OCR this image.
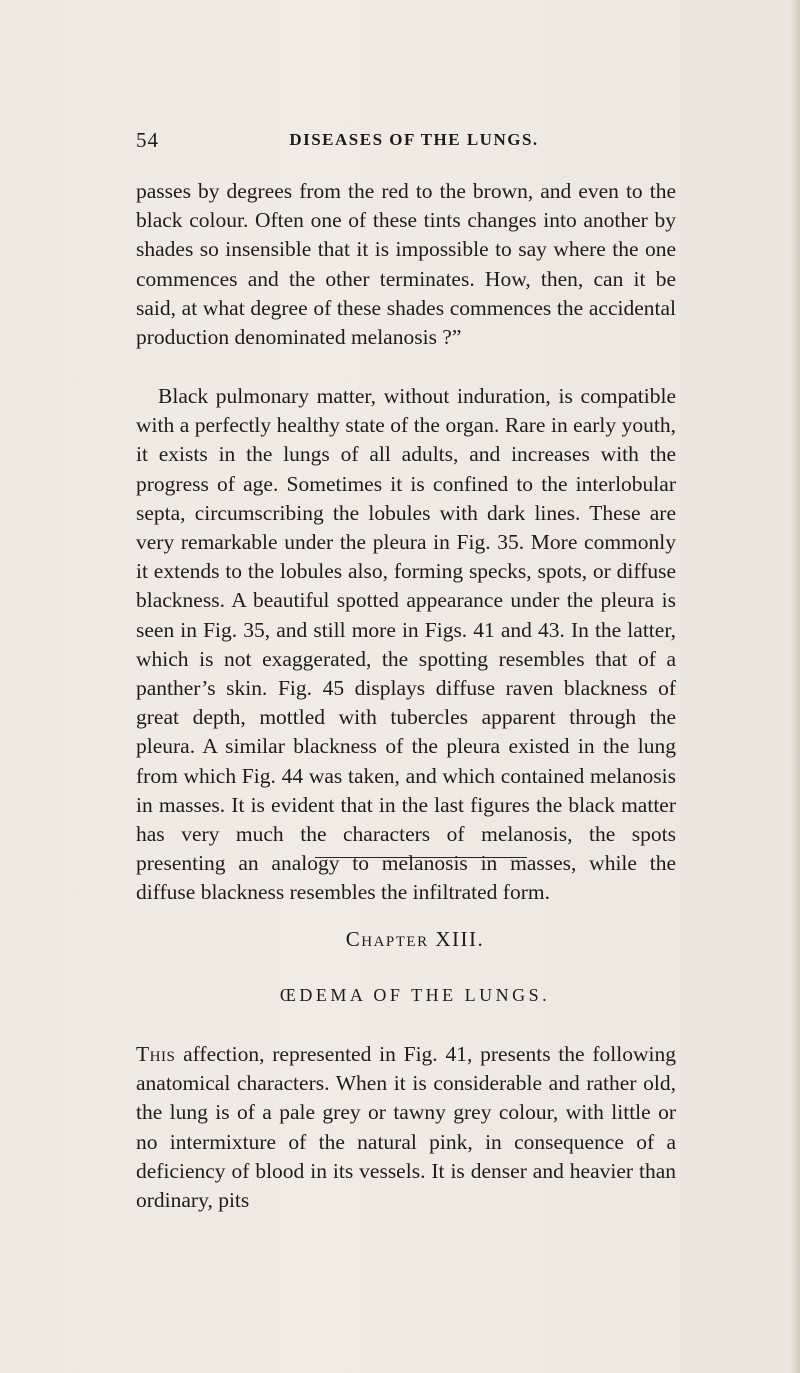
54	DISEASES OF THE LUNGS.
passes by degrees from the red to the brown, and even to the black colour. Often one of these tints changes into another by shades so insensible that it is impossible to say where the one commences and the other terminates. How, then, can it be said, at what degree of these shades commences the accidental production denominated melanosis ?”
Black pulmonary matter, without induration, is compatible with a perfectly healthy state of the organ. Rare in early youth, it exists in the lungs of all adults, and increases with the progress of age. Sometimes it is confined to the interlobular septa, circumscribing the lobules with dark lines. These are very remarkable under the pleura in Fig. 35. More commonly it extends to the lobules also, forming specks, spots, or diffuse blackness. A beautiful spotted appearance under the pleura is seen in Fig. 35, and still more in Figs. 41 and 43. In the latter, which is not exaggerated, the spotting resembles that of a panther’s skin. Fig. 45 displays diffuse raven blackness of great depth, mottled with tubercles apparent through the pleura. A similar blackness of the pleura existed in the lung from which Fig. 44 was taken, and which contained melanosis in masses. It is evident that in the last figures the black matter has very much the characters of melanosis, the spots presenting an analogy to melanosis in masses, while the diffuse blackness resembles the infiltrated form.
Chapter XIII.
ŒDEMA OF THE LUNGS.
This affection, represented in Fig. 41, presents the following anatomical characters. When it is considerable and rather old, the lung is of a pale grey or tawny grey colour, with little or no intermixture of the natural pink, in consequence of a deficiency of blood in its vessels. It is denser and heavier than ordinary, pits
